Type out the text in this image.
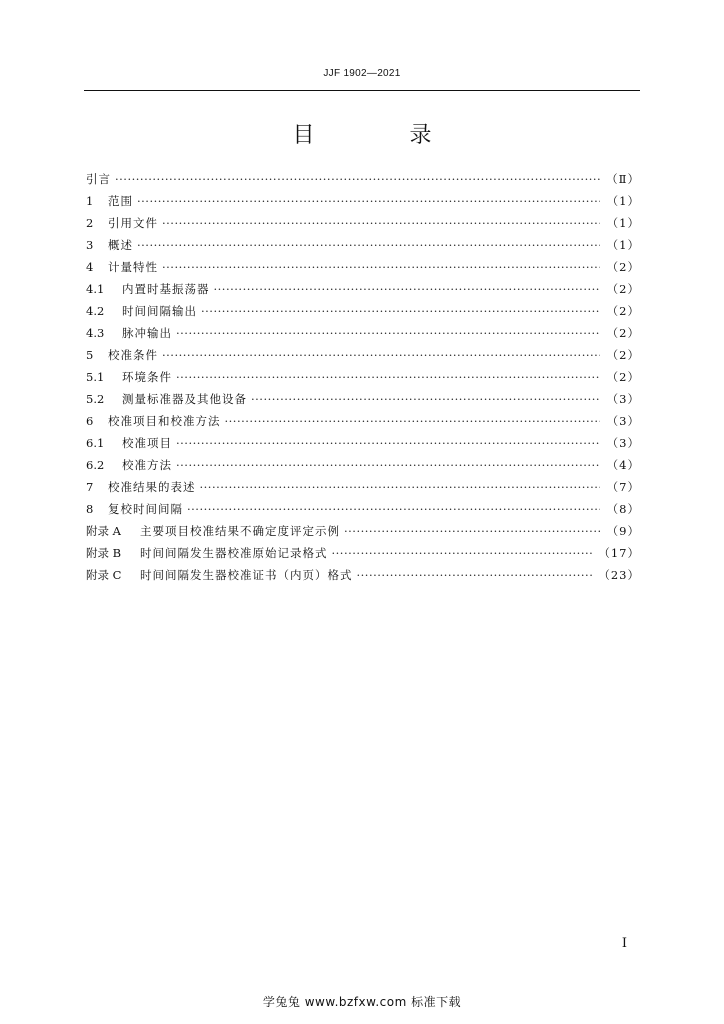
JJF 1902—2021
目 录
引言 ·····	（Ⅱ）
1	范围 ·····	（1）
2	引用文件 ·····	（1）
3	概述 ·····	（1）
4	计量特性 ·····	（2）
4.1	内置时基振荡器 ·····	（2）
4.2	时间间隔输出 ·····	（2）
4.3	脉冲输出 ·····	（2）
5	校准条件 ·····	（2）
5.1	环境条件 ·····	（2）
5.2	测量标准器及其他设备 ·····	（3）
6	校准项目和校准方法 ·····	（3）
6.1	校准项目 ·····	（3）
6.2	校准方法 ·····	（4）
7	校准结果的表述 ·····	（7）
8	复校时间间隔 ·····	（8）
附录 A	主要项目校准结果不确定度评定示例 ·····	（9）
附录 B	时间间隔发生器校准原始记录格式 ·····	（17）
附录 C	时间间隔发生器校准证书（内页）格式 ·····	（23）
I
学兔兔 www.bzfxw.com 标准下载
